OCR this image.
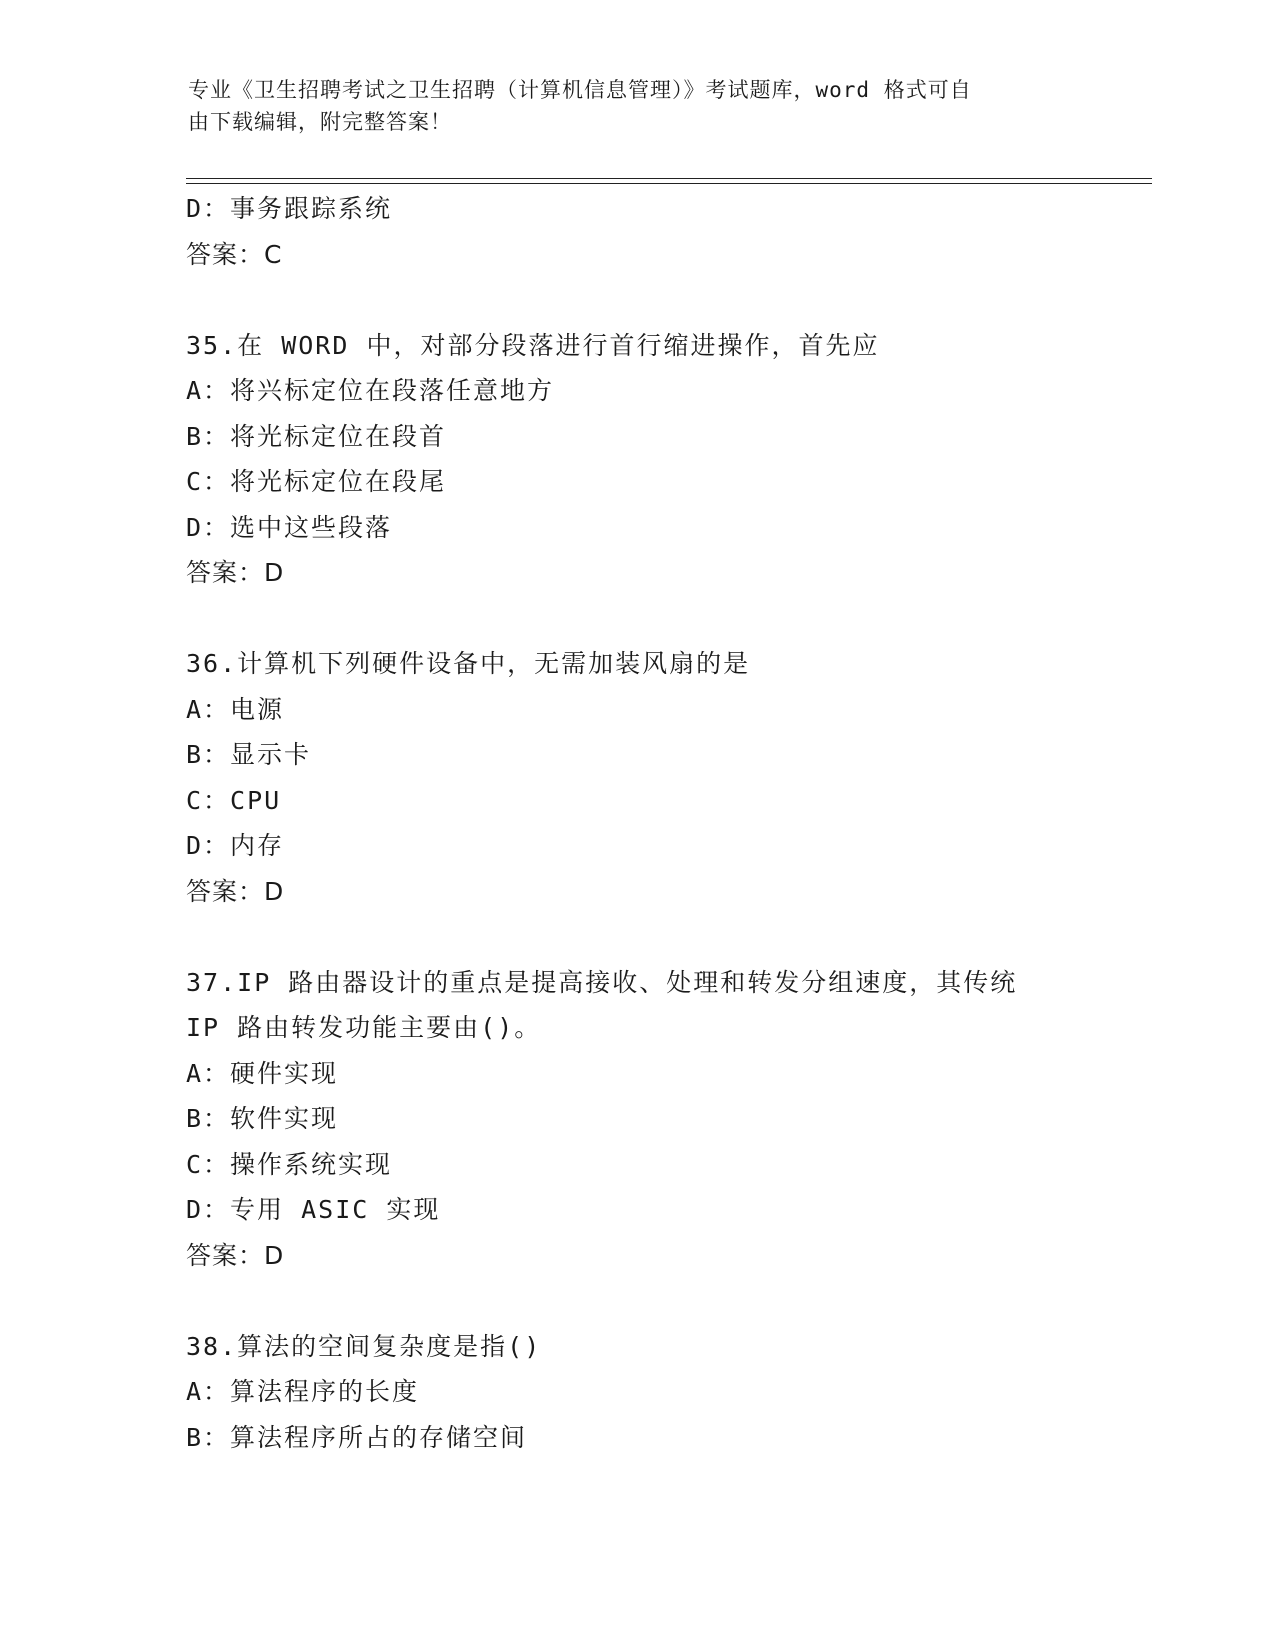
专业《卫生招聘考试之卫生招聘（计算机信息管理）》考试题库，word 格式可自
由下载编辑，附完整答案！
D：事务跟踪系统
答案：C
35.在 WORD 中，对部分段落进行首行缩进操作，首先应
A：将兴标定位在段落任意地方
B：将光标定位在段首
C：将光标定位在段尾
D：选中这些段落
答案：D
36.计算机下列硬件设备中，无需加装风扇的是
A：电源
B：显示卡
C：CPU
D：内存
答案：D
37.IP 路由器设计的重点是提高接收、处理和转发分组速度，其传统
IP 路由转发功能主要由()。
A：硬件实现
B：软件实现
C：操作系统实现
D：专用 ASIC 实现
答案：D
38.算法的空间复杂度是指()
A：算法程序的长度
B：算法程序所占的存储空间
